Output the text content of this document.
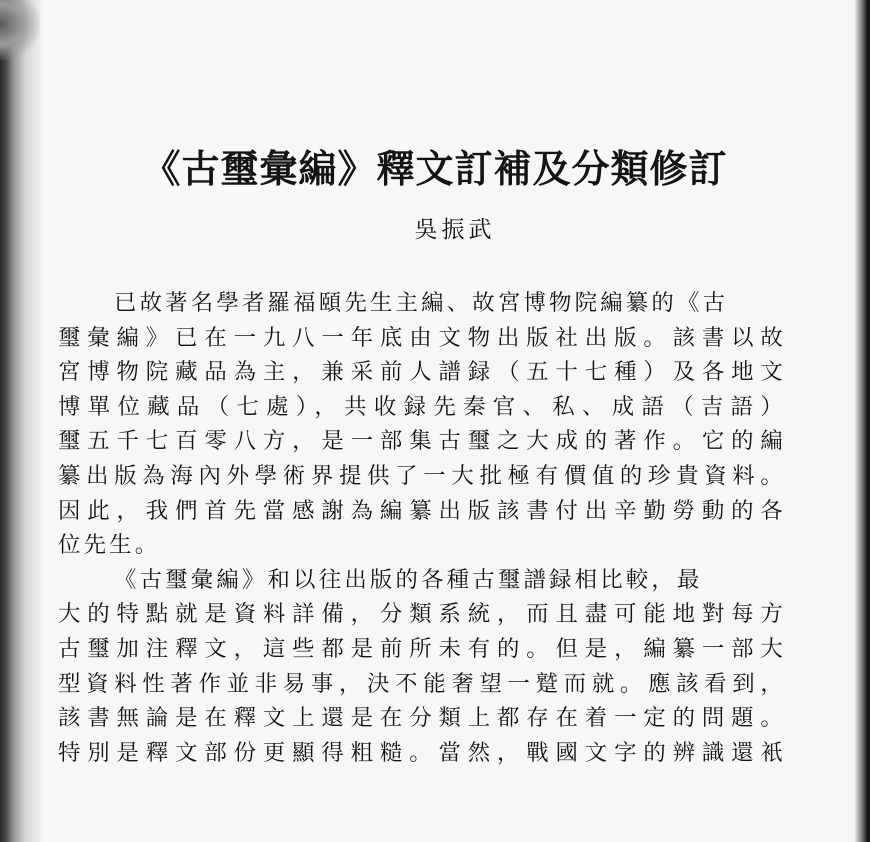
《古璽彙編》釋文訂補及分類修訂
吳振武
已故著名學者羅福頤先生主編、故宮博物院編纂的《古
璽彙編》已在一九八一年底由文物出版社出版。該書以故
宮博物院藏品為主，兼采前人譜録（五十七種）及各地文
博單位藏品（七處），共收録先秦官、私、成語（吉語）
璽五千七百零八方，是一部集古璽之大成的著作。它的編
纂出版為海內外學術界提供了一大批極有價值的珍貴資料。
因此，我們首先當感謝為編纂出版該書付出辛勤勞動的各
位先生。
《古璽彙編》和以往出版的各種古璽譜録相比較，最
大的特點就是資料詳備，分類系統，而且盡可能地對每方
古璽加注釋文，這些都是前所未有的。但是，編纂一部大
型資料性著作並非易事，決不能奢望一蹵而就。應該看到，
該書無論是在釋文上還是在分類上都存在着一定的問題。
特別是釋文部份更顯得粗糙。當然，戰國文字的辨識還衹
